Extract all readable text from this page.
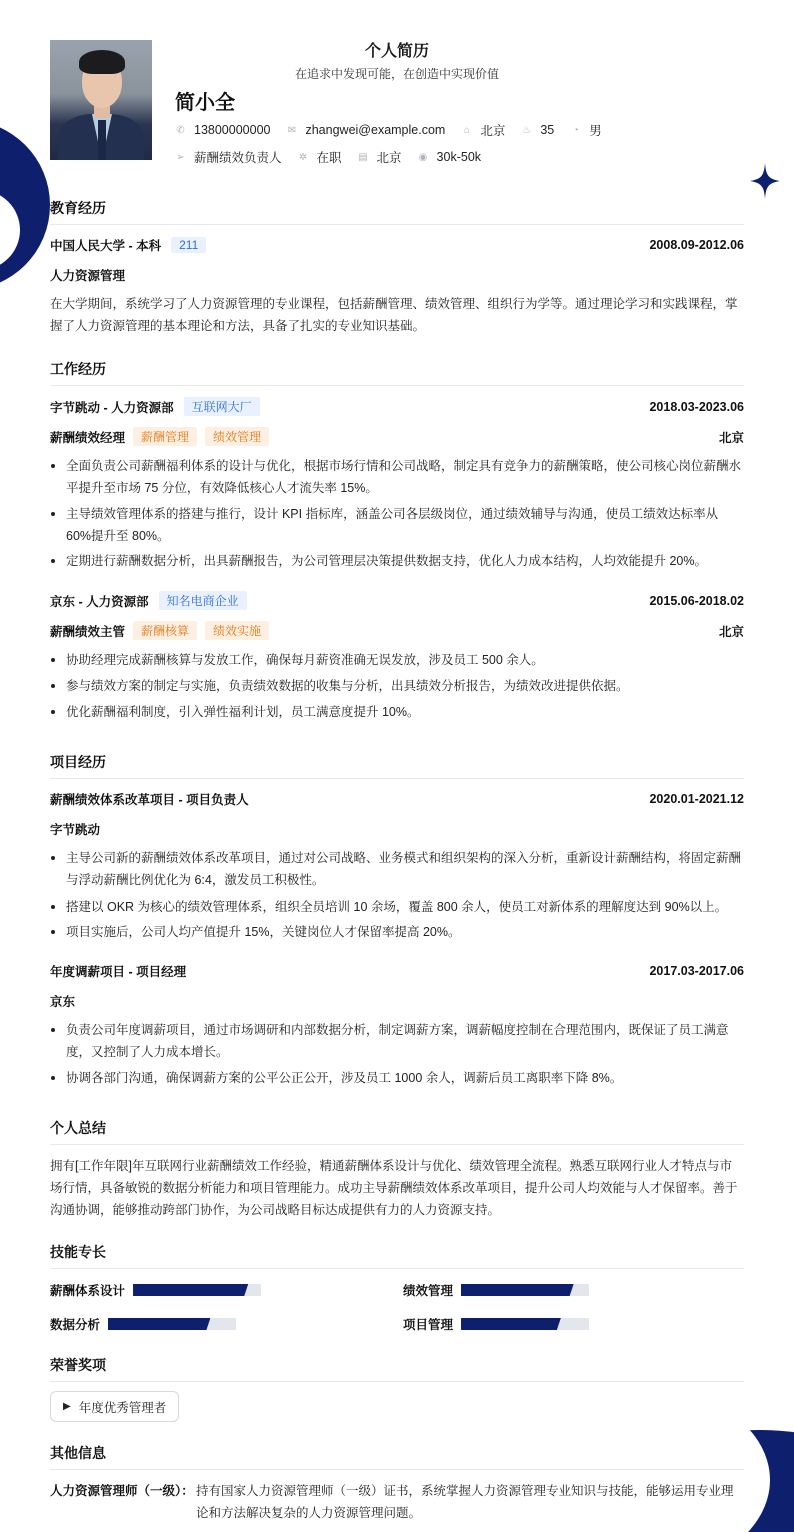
个人简历
在追求中发现可能，在创造中实现价值
简小全
✆ 13800000000 ✉ zhangwei@example.com ⌂ 北京 ♨ 35 ◔ 男
➢ 薪酬绩效负责人 ✲ 在职 ▤ 北京 ◉ 30k-50k
教育经历
中国人民大学 - 本科	211	2008.09-2012.06
人力资源管理
在大学期间，系统学习了人力资源管理的专业课程，包括薪酬管理、绩效管理、组织行为学等。通过理论学习和实践课程，掌握了人力资源管理的基本理论和方法，具备了扎实的专业知识基础。
工作经历
字节跳动 - 人力资源部	互联网大厂	2018.03-2023.06
薪酬绩效经理	薪酬管理	绩效管理	北京
全面负责公司薪酬福利体系的设计与优化，根据市场行情和公司战略，制定具有竞争力的薪酬策略，使公司核心岗位薪酬水平提升至市场 75 分位，有效降低核心人才流失率 15%。
主导绩效管理体系的搭建与推行，设计 KPI 指标库，涵盖公司各层级岗位，通过绩效辅导与沟通，使员工绩效达标率从 60%提升至 80%。
定期进行薪酬数据分析，出具薪酬报告，为公司管理层决策提供数据支持，优化人力成本结构，人均效能提升 20%。
京东 - 人力资源部	知名电商企业	2015.06-2018.02
薪酬绩效主管	薪酬核算	绩效实施	北京
协助经理完成薪酬核算与发放工作，确保每月薪资准确无误发放，涉及员工 500 余人。
参与绩效方案的制定与实施，负责绩效数据的收集与分析，出具绩效分析报告，为绩效改进提供依据。
优化薪酬福利制度，引入弹性福利计划，员工满意度提升 10%。
项目经历
薪酬绩效体系改革项目 - 项目负责人	2020.01-2021.12
字节跳动
主导公司新的薪酬绩效体系改革项目，通过对公司战略、业务模式和组织架构的深入分析，重新设计薪酬结构，将固定薪酬与浮动薪酬比例优化为 6:4，激发员工积极性。
搭建以 OKR 为核心的绩效管理体系，组织全员培训 10 余场，覆盖 800 余人，使员工对新体系的理解度达到 90%以上。
项目实施后，公司人均产值提升 15%，关键岗位人才保留率提高 20%。
年度调薪项目 - 项目经理	2017.03-2017.06
京东
负责公司年度调薪项目，通过市场调研和内部数据分析，制定调薪方案，调薪幅度控制在合理范围内，既保证了员工满意度，又控制了人力成本增长。
协调各部门沟通，确保调薪方案的公平公正公开，涉及员工 1000 余人，调薪后员工离职率下降 8%。
个人总结
拥有[工作年限]年互联网行业薪酬绩效工作经验，精通薪酬体系设计与优化、绩效管理全流程。熟悉互联网行业人才特点与市场行情，具备敏锐的数据分析能力和项目管理能力。成功主导薪酬绩效体系改革项目，提升公司人均效能与人才保留率。善于沟通协调，能够推动跨部门协作，为公司战略目标达成提供有力的人力资源支持。
技能专长
薪酬体系设计	绩效管理
数据分析	项目管理
荣誉奖项
▶ 年度优秀管理者
其他信息
人力资源管理师（一级）： 持有国家人力资源管理师（一级）证书，系统掌握人力资源管理专业知识与技能，能够运用专业理论和方法解决复杂的人力资源管理问题。
